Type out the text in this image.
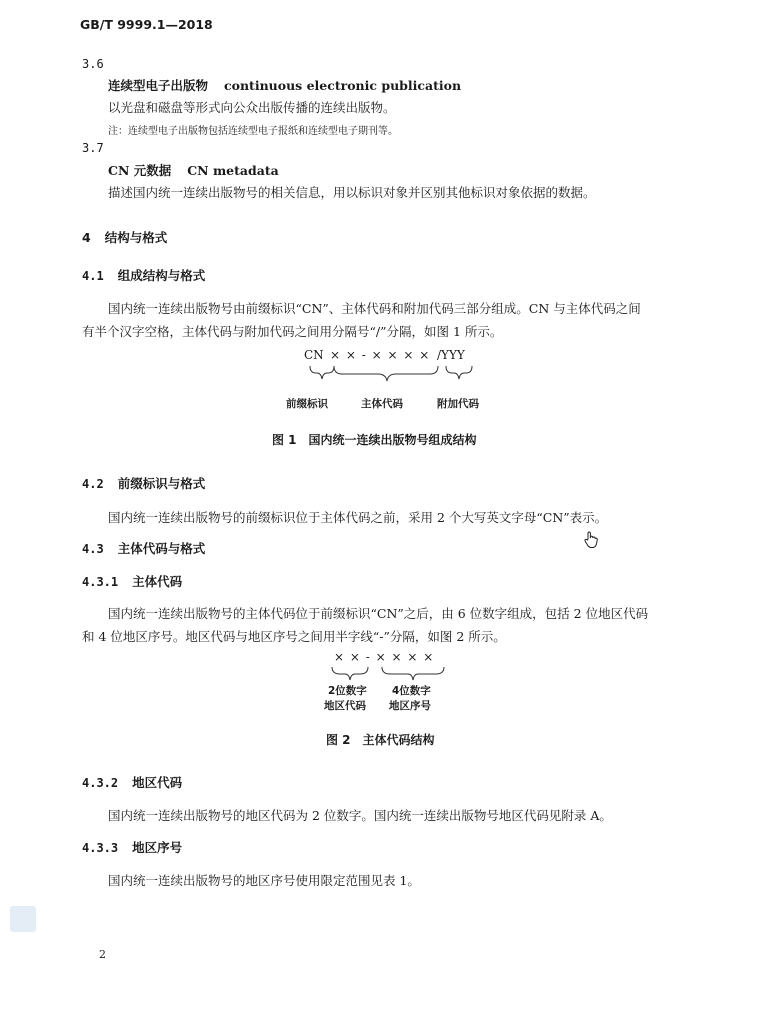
GB/T 9999.1—2018
3.6
连续型电子出版物 continuous electronic publication
以光盘和磁盘等形式向公众出版传播的连续出版物。
注：连续型电子出版物包括连续型电子报纸和连续型电子期刊等。
3.7
CN 元数据 CN metadata
描述国内统一连续出版物号的相关信息，用以标识对象并区别其他标识对象依据的数据。
4 结构与格式
4.1 组成结构与格式
国内统一连续出版物号由前缀标识“CN”、主体代码和附加代码三部分组成。CN 与主体代码之间
有半个汉字空格，主体代码与附加代码之间用分隔号“/”分隔，如图 1 所示。
CN × × - × × × × /YYY
前缀标识	主体代码	附加代码
图 1　国内统一连续出版物号组成结构
4.2 前缀标识与格式
国内统一连续出版物号的前缀标识位于主体代码之前，采用 2 个大写英文字母“CN”表示。
4.3 主体代码与格式
4.3.1 主体代码
国内统一连续出版物号的主体代码位于前缀标识“CN”之后，由 6 位数字组成，包括 2 位地区代码
和 4 位地区序号。地区代码与地区序号之间用半字线“-”分隔，如图 2 所示。
× × - × × × ×
2位数字
地区代码
4位数字
地区序号
图 2　主体代码结构
4.3.2 地区代码
国内统一连续出版物号的地区代码为 2 位数字。国内统一连续出版物号地区代码见附录 A。
4.3.3 地区序号
国内统一连续出版物号的地区序号使用限定范围见表 1。
2
